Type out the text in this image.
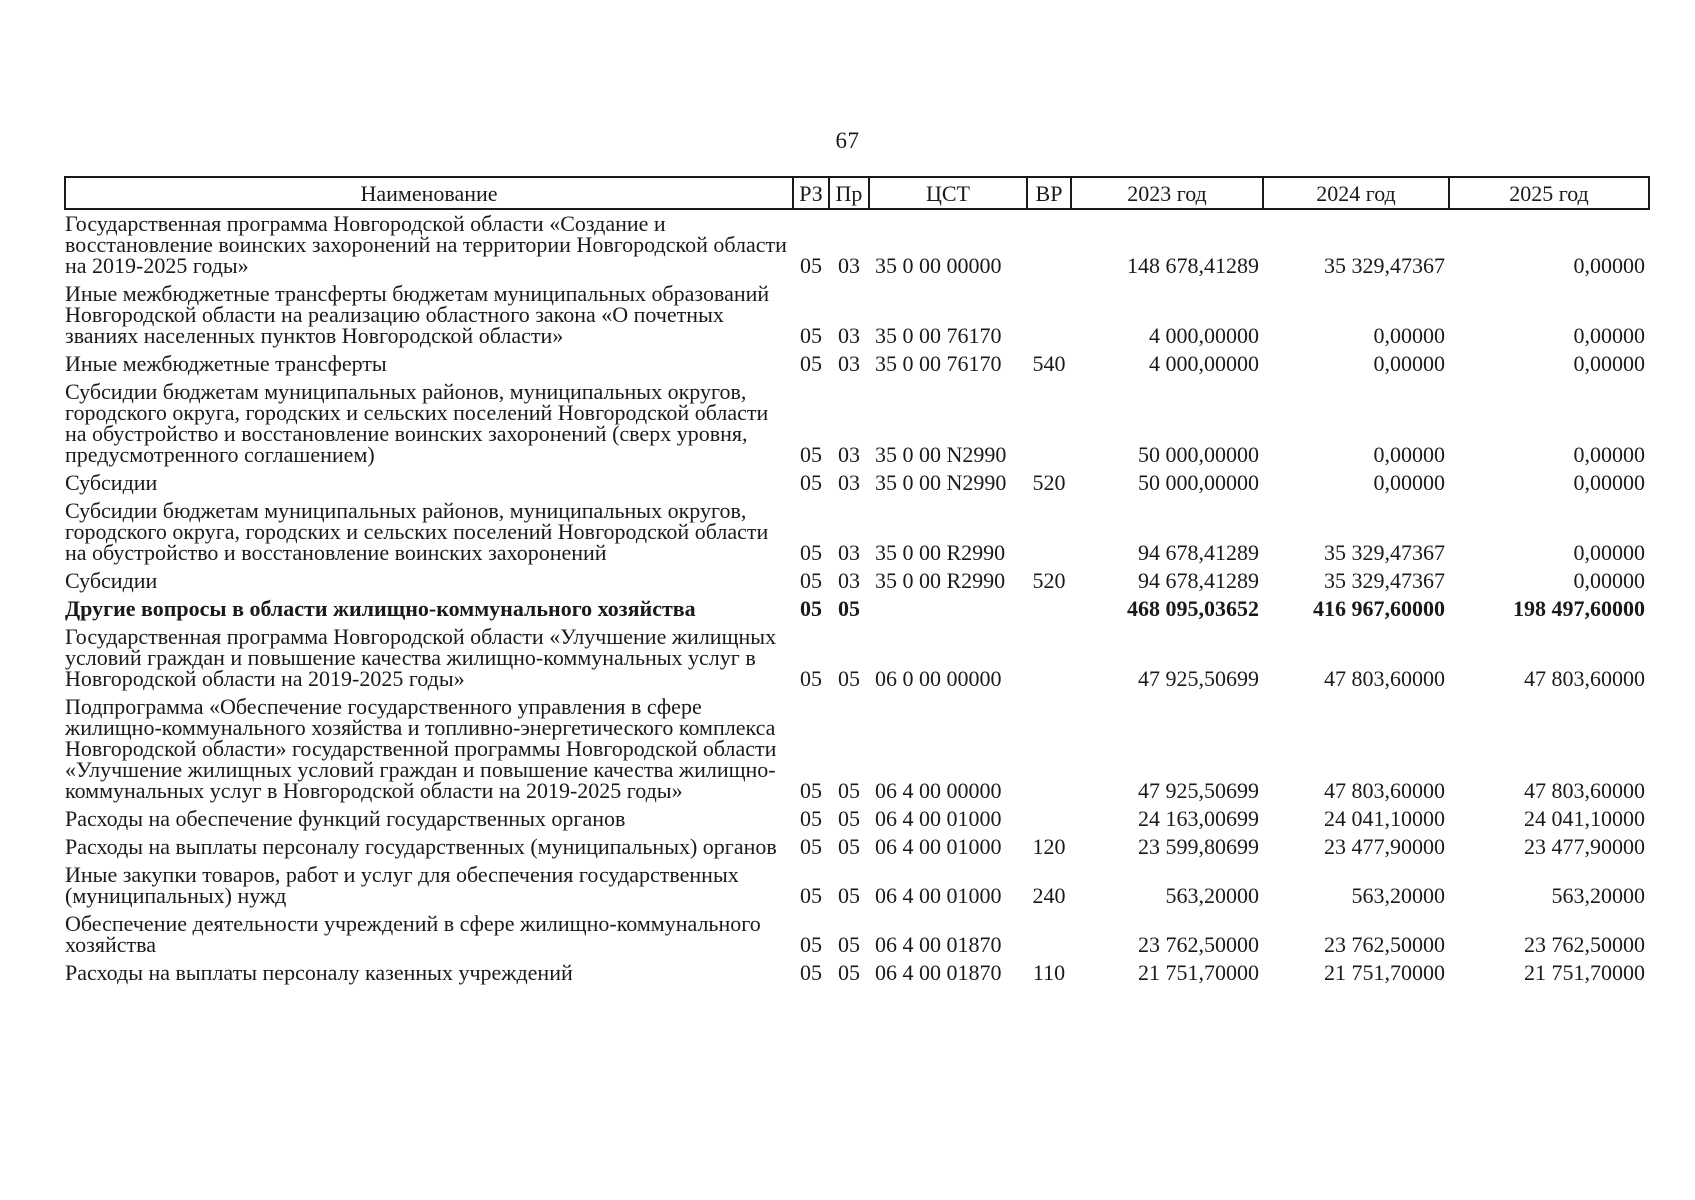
67
Наименование	РЗ	Пр	ЦСТ	ВР	2023 год	2024 год	2025 год
Государственная программа Новгородской области «Создание и восстановление воинских захоронений на территории Новгородской области на 2019-2025 годы»	05	03	35 0 00 00000		148 678,41289	35 329,47367	0,00000
Иные межбюджетные трансферты бюджетам муниципальных образований Новгородской области на реализацию областного закона «О почетных званиях населенных пунктов Новгородской области»	05	03	35 0 00 76170		4 000,00000	0,00000	0,00000
Иные межбюджетные трансферты	05	03	35 0 00 76170	540	4 000,00000	0,00000	0,00000
Субсидии бюджетам муниципальных районов, муниципальных округов, городского округа, городских и сельских поселений Новгородской области на обустройство и восстановление воинских захоронений (сверх уровня, предусмотренного соглашением)	05	03	35 0 00 N2990		50 000,00000	0,00000	0,00000
Субсидии	05	03	35 0 00 N2990	520	50 000,00000	0,00000	0,00000
Субсидии бюджетам муниципальных районов, муниципальных округов, городского округа, городских и сельских поселений Новгородской области на обустройство и восстановление воинских захоронений	05	03	35 0 00 R2990		94 678,41289	35 329,47367	0,00000
Субсидии	05	03	35 0 00 R2990	520	94 678,41289	35 329,47367	0,00000
Другие вопросы в области жилищно-коммунального хозяйства	05	05			468 095,03652	416 967,60000	198 497,60000
Государственная программа Новгородской области «Улучшение жилищных условий граждан и повышение качества жилищно-коммунальных услуг в Новгородской области на 2019-2025 годы»	05	05	06 0 00 00000		47 925,50699	47 803,60000	47 803,60000
Подпрограмма «Обеспечение государственного управления в сфере жилищно-коммунального хозяйства и топливно-энергетического комплекса Новгородской области» государственной программы Новгородской области «Улучшение жилищных условий граждан и повышение качества жилищно-коммунальных услуг в Новгородской области на 2019-2025 годы»	05	05	06 4 00 00000		47 925,50699	47 803,60000	47 803,60000
Расходы на обеспечение функций государственных органов	05	05	06 4 00 01000		24 163,00699	24 041,10000	24 041,10000
Расходы на выплаты персоналу государственных (муниципальных) органов	05	05	06 4 00 01000	120	23 599,80699	23 477,90000	23 477,90000
Иные закупки товаров, работ и услуг для обеспечения государственных (муниципальных) нужд	05	05	06 4 00 01000	240	563,20000	563,20000	563,20000
Обеспечение деятельности учреждений в сфере жилищно-коммунального хозяйства	05	05	06 4 00 01870		23 762,50000	23 762,50000	23 762,50000
Расходы на выплаты персоналу казенных учреждений	05	05	06 4 00 01870	110	21 751,70000	21 751,70000	21 751,70000
